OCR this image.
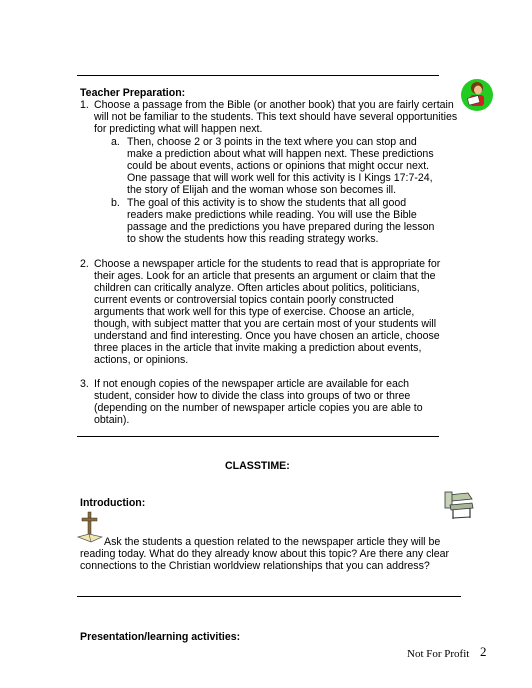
Teacher Preparation:
1. Choose a passage from the Bible (or another book) that you are fairly certain
will not be familiar to the students. This text should have several opportunities
for predicting what will happen next.
a. Then, choose 2 or 3 points in the text where you can stop and
make a prediction about what will happen next. These predictions
could be about events, actions or opinions that might occur next.
One passage that will work well for this activity is I Kings 17:7-24,
the story of Elijah and the woman whose son becomes ill.
b. The goal of this activity is to show the students that all good
readers make predictions while reading. You will use the Bible
passage and the predictions you have prepared during the lesson
to show the students how this reading strategy works.
2. Choose a newspaper article for the students to read that is appropriate for
their ages. Look for an article that presents an argument or claim that the
children can critically analyze. Often articles about politics, politicians,
current events or controversial topics contain poorly constructed
arguments that work well for this type of exercise. Choose an article,
though, with subject matter that you are certain most of your students will
understand and find interesting. Once you have chosen an article, choose
three places in the article that invite making a prediction about events,
actions, or opinions.
3. If not enough copies of the newspaper article are available for each
student, consider how to divide the class into groups of two or three
(depending on the number of newspaper article copies you are able to
obtain).
CLASSTIME:
Introduction:
Ask the students a question related to the newspaper article they will be
reading today. What do they already know about this topic? Are there any clear
connections to the Christian worldview relationships that you can address?
Presentation/learning activities:
Not For Profit 2
